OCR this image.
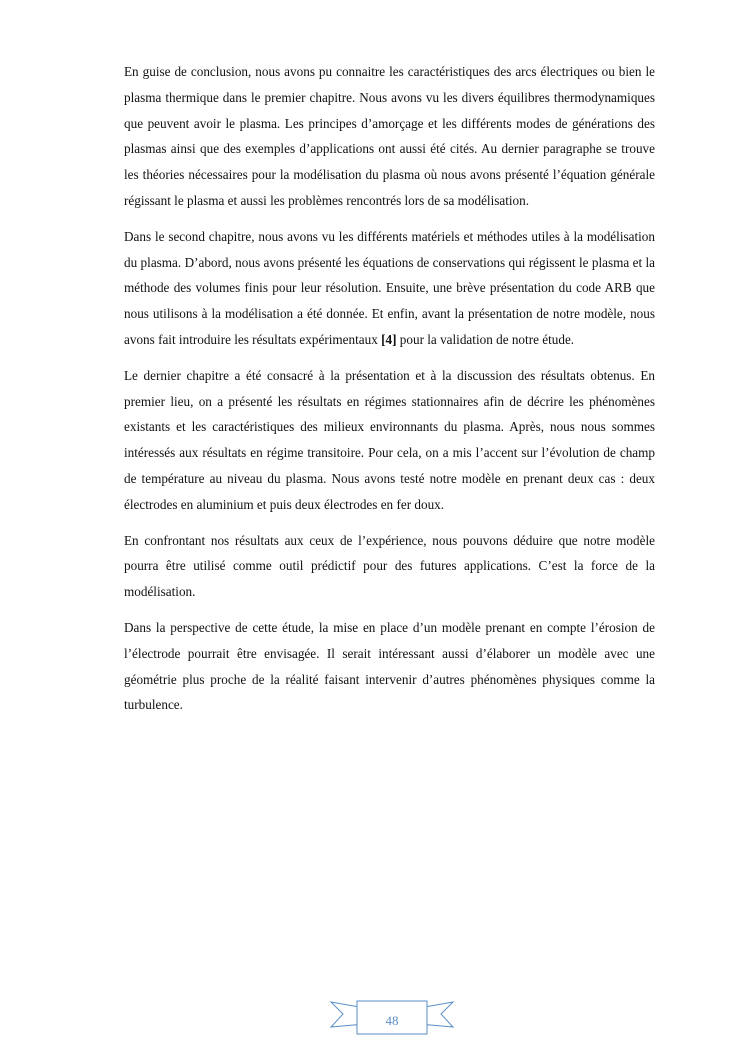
En guise de conclusion, nous avons pu connaitre les caractéristiques des arcs électriques ou bien le plasma thermique dans le premier chapitre. Nous avons vu les divers équilibres thermodynamiques que peuvent avoir le plasma. Les principes d’amorçage et les différents modes de générations des plasmas ainsi que des exemples d’applications ont aussi été cités. Au dernier paragraphe se trouve les théories nécessaires pour la modélisation du plasma où nous avons présenté l’équation générale régissant le plasma et aussi les problèmes rencontrés lors de sa modélisation.

Dans le second chapitre, nous avons vu les différents matériels et méthodes utiles à la modélisation du plasma. D’abord, nous avons présenté les équations de conservations qui régissent le plasma et la méthode des volumes finis pour leur résolution. Ensuite, une brève présentation du code ARB que nous utilisons à la modélisation a été donnée. Et enfin, avant la présentation de notre modèle, nous avons fait introduire les résultats expérimentaux [4] pour la validation de notre étude.

Le dernier chapitre a été consacré à la présentation et à la discussion des résultats obtenus. En premier lieu, on a présenté les résultats en régimes stationnaires afin de décrire les phénomènes existants et les caractéristiques des milieux environnants du plasma. Après, nous nous sommes intéressés aux résultats en régime transitoire. Pour cela, on a mis l’accent sur l’évolution de champ de température au niveau du plasma. Nous avons testé notre modèle en prenant deux cas : deux électrodes en aluminium et puis deux électrodes en fer doux.

En confrontant nos résultats aux ceux de l’expérience, nous pouvons déduire que notre modèle pourra être utilisé comme outil prédictif pour des futures applications. C’est la force de la modélisation.

Dans la perspective de cette étude, la mise en place d’un modèle prenant en compte l’érosion de l’électrode pourrait être envisagée. Il serait intéressant aussi d’élaborer un modèle avec une géométrie plus proche de la réalité faisant intervenir d’autres phénomènes physiques comme la turbulence.

48
